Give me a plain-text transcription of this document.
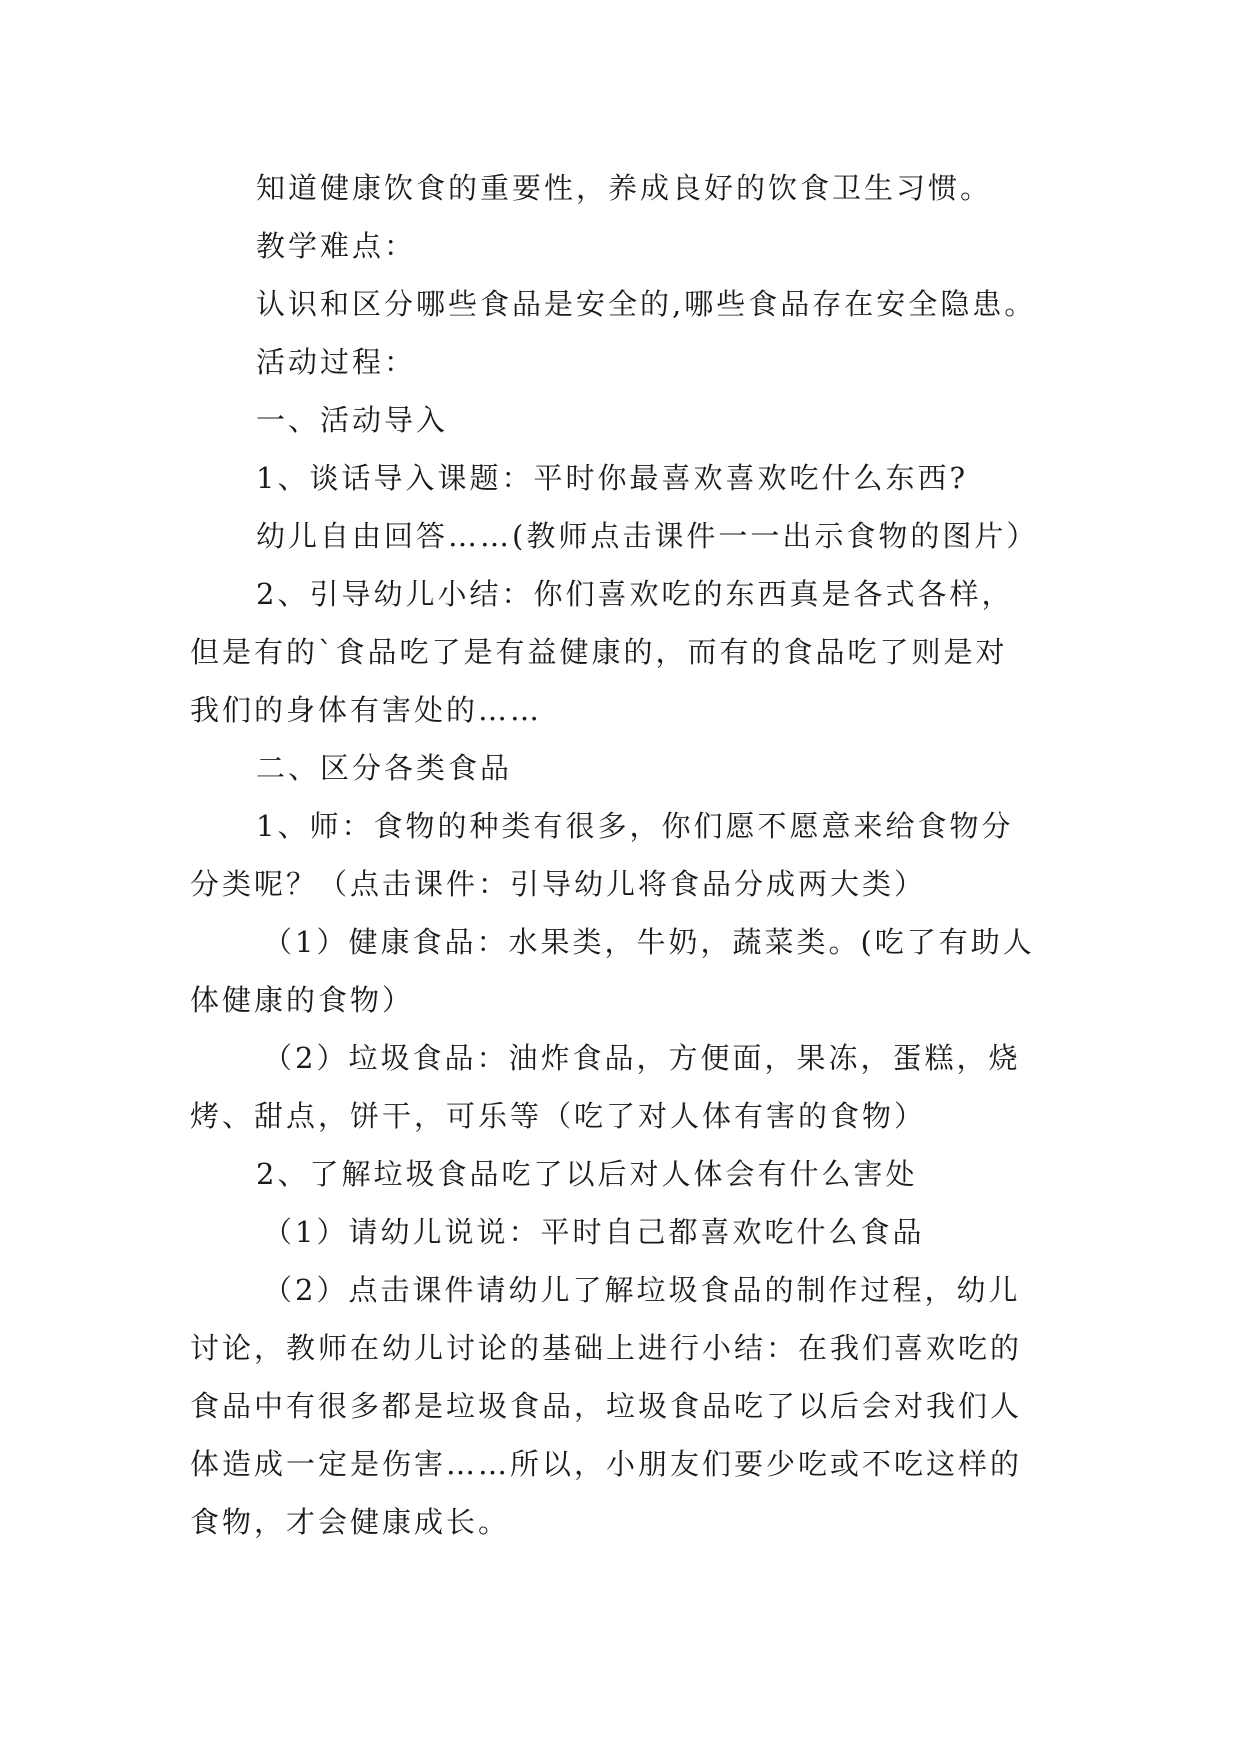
知道健康饮食的重要性，养成良好的饮食卫生习惯。
教学难点：
认识和区分哪些食品是安全的,哪些食品存在安全隐患。
活动过程：
一、活动导入
1、谈话导入课题：平时你最喜欢喜欢吃什么东西?
幼儿自由回答……(教师点击课件一一出示食物的图片）
2、引导幼儿小结：你们喜欢吃的东西真是各式各样，
但是有的`食品吃了是有益健康的，而有的食品吃了则是对
我们的身体有害处的……
二、区分各类食品
1、师：食物的种类有很多，你们愿不愿意来给食物分
分类呢？（点击课件：引导幼儿将食品分成两大类）
（1）健康食品：水果类，牛奶，蔬菜类。(吃了有助人
体健康的食物）
（2）垃圾食品：油炸食品，方便面，果冻，蛋糕，烧
烤、甜点，饼干，可乐等（吃了对人体有害的食物）
2、了解垃圾食品吃了以后对人体会有什么害处
（1）请幼儿说说：平时自己都喜欢吃什么食品
（2）点击课件请幼儿了解垃圾食品的制作过程，幼儿
讨论，教师在幼儿讨论的基础上进行小结：在我们喜欢吃的
食品中有很多都是垃圾食品，垃圾食品吃了以后会对我们人
体造成一定是伤害……所以，小朋友们要少吃或不吃这样的
食物，才会健康成长。
